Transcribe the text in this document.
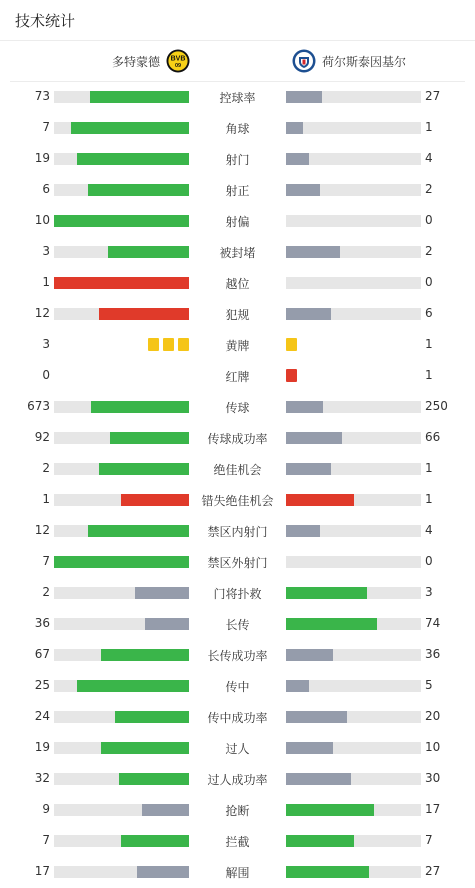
技术统计
多特蒙德 BVB
09	荷尔斯泰因基尔
73	控球率	27
7	角球	1
19	射门	4
6	射正	2
10	射偏	0
3	被封堵	2
1	越位	0
12	犯规	6
3	黄牌	1
0	红牌	1
673	传球	250
92	传球成功率	66
2	绝佳机会	1
1	错失绝佳机会	1
12	禁区内射门	4
7	禁区外射门	0
2	门将扑救	3
36	长传	74
67	长传成功率	36
25	传中	5
24	传中成功率	20
19	过人	10
32	过人成功率	30
9	抢断	17
7	拦截	7
17	解围	27
